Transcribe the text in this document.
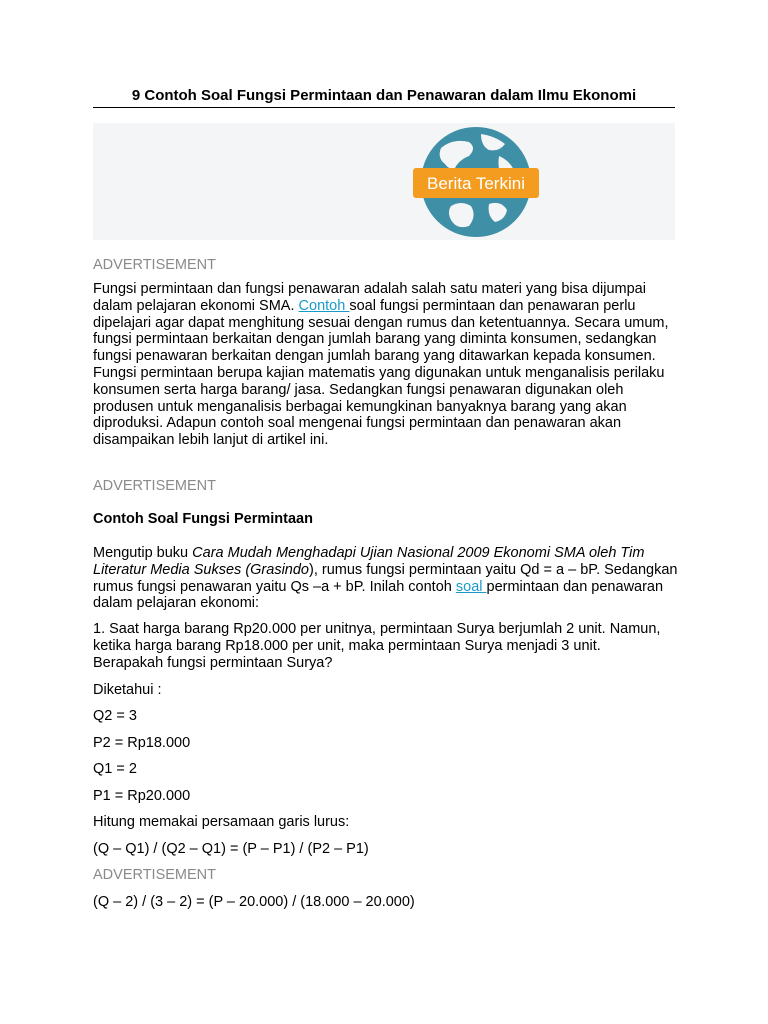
9 Contoh Soal Fungsi Permintaan dan Penawaran dalam Ilmu Ekonomi
Berita Terkini
ADVERTISEMENT

Fungsi permintaan dan fungsi penawaran adalah salah satu materi yang bisa dijumpai dalam pelajaran ekonomi SMA. Contoh soal fungsi permintaan dan penawaran perlu dipelajari agar dapat menghitung sesuai dengan rumus dan ketentuannya. Secara umum, fungsi permintaan berkaitan dengan jumlah barang yang diminta konsumen, sedangkan fungsi penawaran berkaitan dengan jumlah barang yang ditawarkan kepada konsumen. Fungsi permintaan berupa kajian matematis yang digunakan untuk menganalisis perilaku konsumen serta harga barang/ jasa. Sedangkan fungsi penawaran digunakan oleh produsen untuk menganalisis berbagai kemungkinan banyaknya barang yang akan diproduksi. Adapun contoh soal mengenai fungsi permintaan dan penawaran akan disampaikan lebih lanjut di artikel ini.

ADVERTISEMENT
Contoh Soal Fungsi Permintaan

Mengutip buku Cara Mudah Menghadapi Ujian Nasional 2009 Ekonomi SMA oleh Tim Literatur Media Sukses (Grasindo), rumus fungsi permintaan yaitu Qd = a – bP. Sedangkan rumus fungsi penawaran yaitu Qs –a + bP. Inilah contoh soal permintaan dan penawaran dalam pelajaran ekonomi:

1. Saat harga barang Rp20.000 per unitnya, permintaan Surya berjumlah 2 unit. Namun, ketika harga barang Rp18.000 per unit, maka permintaan Surya menjadi 3 unit. Berapakah fungsi permintaan Surya?

Diketahui :
Q2 = 3
P2 = Rp18.000
Q1 = 2
P1 = Rp20.000
Hitung memakai persamaan garis lurus:
(Q – Q1) / (Q2 – Q1) = (P – P1) / (P2 – P1)
ADVERTISEMENT
(Q – 2) / (3 – 2) = (P – 20.000) / (18.000 – 20.000)
